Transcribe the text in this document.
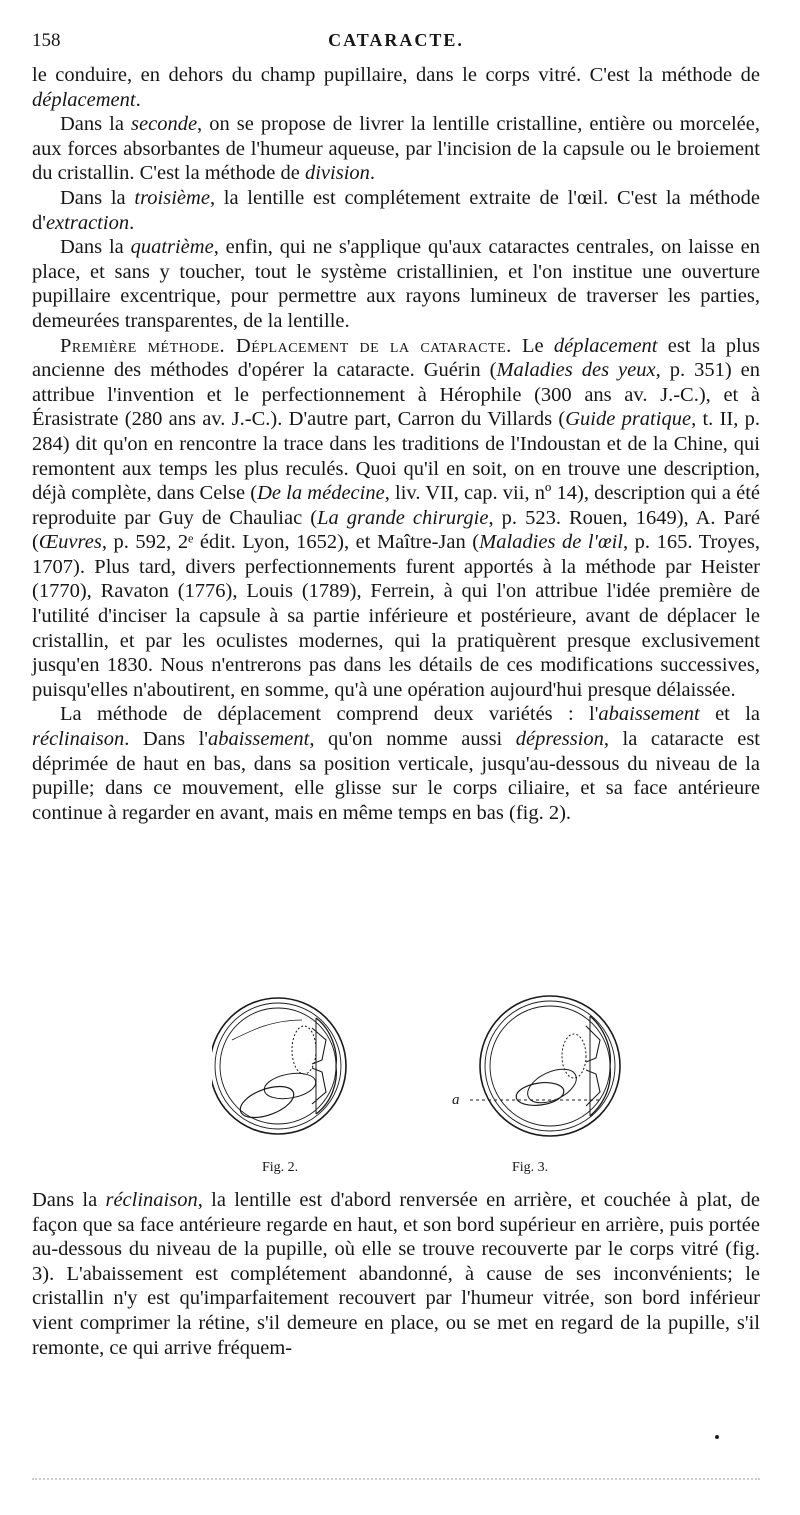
158	CATARACTE.

le conduire, en dehors du champ pupillaire, dans le corps vitré. C'est la méthode de déplacement.

Dans la seconde, on se propose de livrer la lentille cristalline, entière ou morcelée, aux forces absorbantes de l'humeur aqueuse, par l'incision de la capsule ou le broiement du cristallin. C'est la méthode de division.

Dans la troisième, la lentille est complétement extraite de l'œil. C'est la méthode d'extraction.

Dans la quatrième, enfin, qui ne s'applique qu'aux cataractes centrales, on laisse en place, et sans y toucher, tout le système cristallinien, et l'on institue une ouverture pupillaire excentrique, pour permettre aux rayons lumineux de traverser les parties, demeurées transparentes, de la lentille.

Première méthode. Déplacement de la cataracte. Le déplacement est la plus ancienne des méthodes d'opérer la cataracte. Guérin (Maladies des yeux, p. 351) en attribue l'invention et le perfectionnement à Hérophile (300 ans av. J.-C.), et à Érasistrate (280 ans av. J.-C.). D'autre part, Carron du Villards (Guide pratique, t. II, p. 284) dit qu'on en rencontre la trace dans les traditions de l'Indoustan et de la Chine, qui remontent aux temps les plus reculés. Quoi qu'il en soit, on en trouve une description, déjà complète, dans Celse (De la médecine, liv. VII, cap. vii, nº 14), description qui a été reproduite par Guy de Chauliac (La grande chirurgie, p. 523. Rouen, 1649), A. Paré (Œuvres, p. 592, 2ᵉ édit. Lyon, 1652), et Maître-Jan (Maladies de l'œil, p. 165. Troyes, 1707). Plus tard, divers perfectionnements furent apportés à la méthode par Heister (1770), Ravaton (1776), Louis (1789), Ferrein, à qui l'on attribue l'idée première de l'utilité d'inciser la capsule à sa partie inférieure et postérieure, avant de déplacer le cristallin, et par les oculistes modernes, qui la pratiquèrent presque exclusivement jusqu'en 1830. Nous n'entrerons pas dans les détails de ces modifications successives, puisqu'elles n'aboutirent, en somme, qu'à une opération aujourd'hui presque délaissée.

La méthode de déplacement comprend deux variétés : l'abaissement et la réclinaison. Dans l'abaissement, qu'on nomme aussi dépression, la cataracte est déprimée de haut en bas, dans sa position verticale, jusqu'au-dessous du niveau de la pupille; dans ce mouvement, elle glisse sur le corps ciliaire, et sa face antérieure continue à regarder en avant, mais en même temps en bas (fig. 2).

Fig. 2.
a
Fig. 3.

Dans la réclinaison, la lentille est d'abord renversée en arrière, et couchée à plat, de façon que sa face antérieure regarde en haut, et son bord supérieur en arrière, puis portée au-dessous du niveau de la pupille, où elle se trouve recouverte par le corps vitré (fig. 3). L'abaissement est complétement abandonné, à cause de ses inconvénients; le cristallin n'y est qu'imparfaitement recouvert par l'humeur vitrée, son bord inférieur vient comprimer la rétine, s'il demeure en place, ou se met en regard de la pupille, s'il remonte, ce qui arrive fréquem-
